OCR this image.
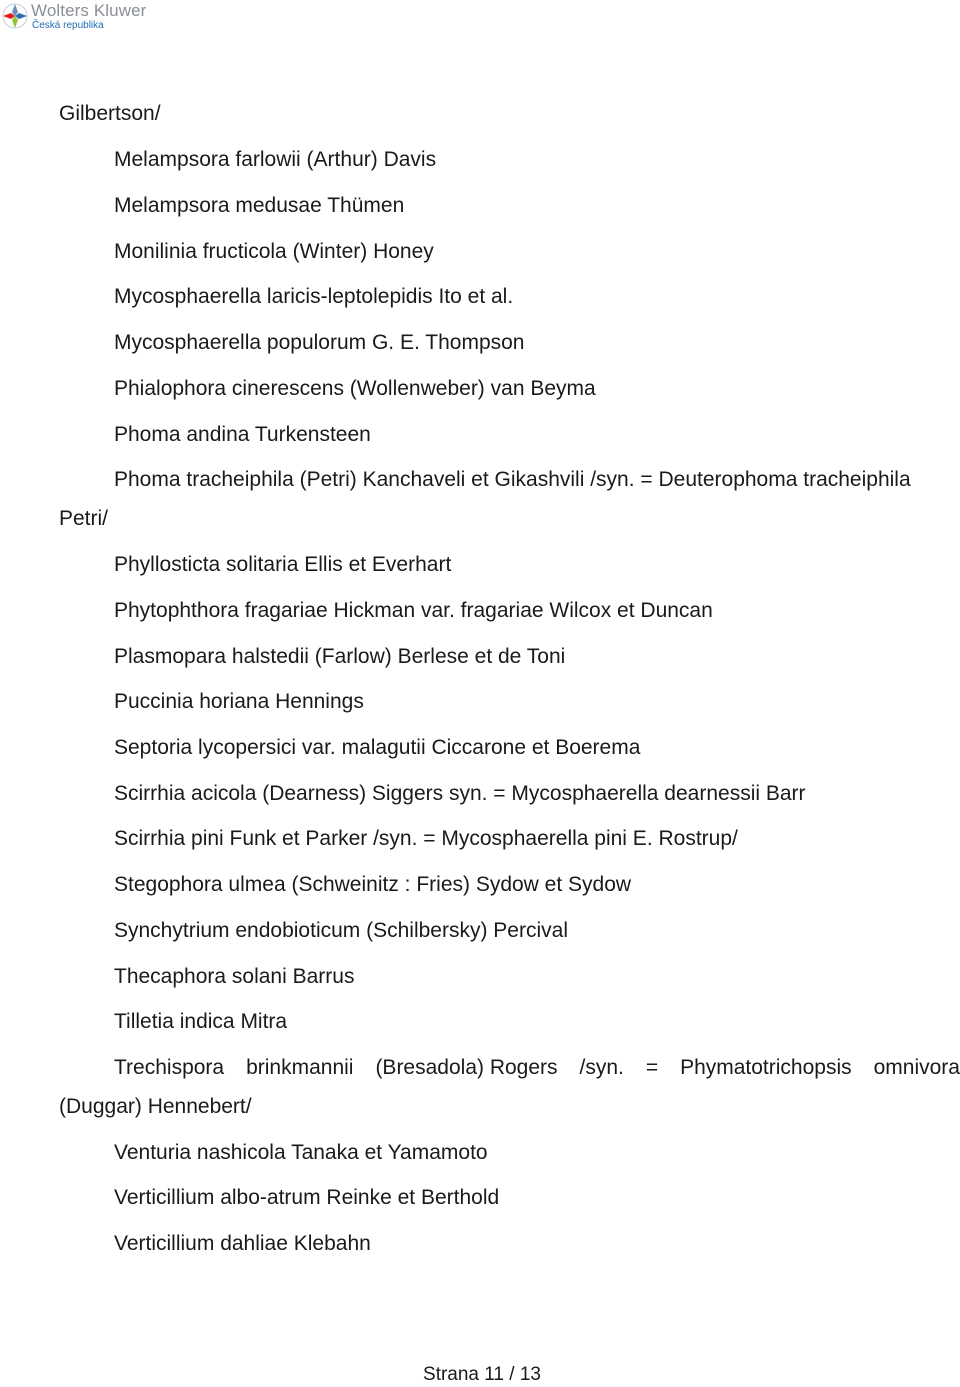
Wolters Kluwer
Česká republika
Gilbertson/
Melampsora farlowii (Arthur) Davis
Melampsora medusae Thümen
Monilinia fructicola (Winter) Honey
Mycosphaerella laricis-leptolepidis Ito et al.
Mycosphaerella populorum G. E. Thompson
Phialophora cinerescens (Wollenweber) van Beyma
Phoma andina Turkensteen
Phoma tracheiphila (Petri) Kanchaveli et Gikashvili /syn. = Deuterophoma tracheiphila
Petri/
Phyllosticta solitaria Ellis et Everhart
Phytophthora fragariae Hickman var. fragariae Wilcox et Duncan
Plasmopara halstedii (Farlow) Berlese et de Toni
Puccinia horiana Hennings
Septoria lycopersici var. malagutii Ciccarone et Boerema
Scirrhia acicola (Dearness) Siggers syn. = Mycosphaerella dearnessii Barr
Scirrhia pini Funk et Parker /syn. = Mycosphaerella pini E. Rostrup/
Stegophora ulmea (Schweinitz : Fries) Sydow et Sydow
Synchytrium endobioticum (Schilbersky) Percival
Thecaphora solani Barrus
Tilletia indica Mitra
Trechispora brinkmannii (Bresadola) Rogers /syn. = Phymatotrichopsis omnivora
(Duggar) Hennebert/
Venturia nashicola Tanaka et Yamamoto
Verticillium albo-atrum Reinke et Berthold
Verticillium dahliae Klebahn
Strana 11 / 13
